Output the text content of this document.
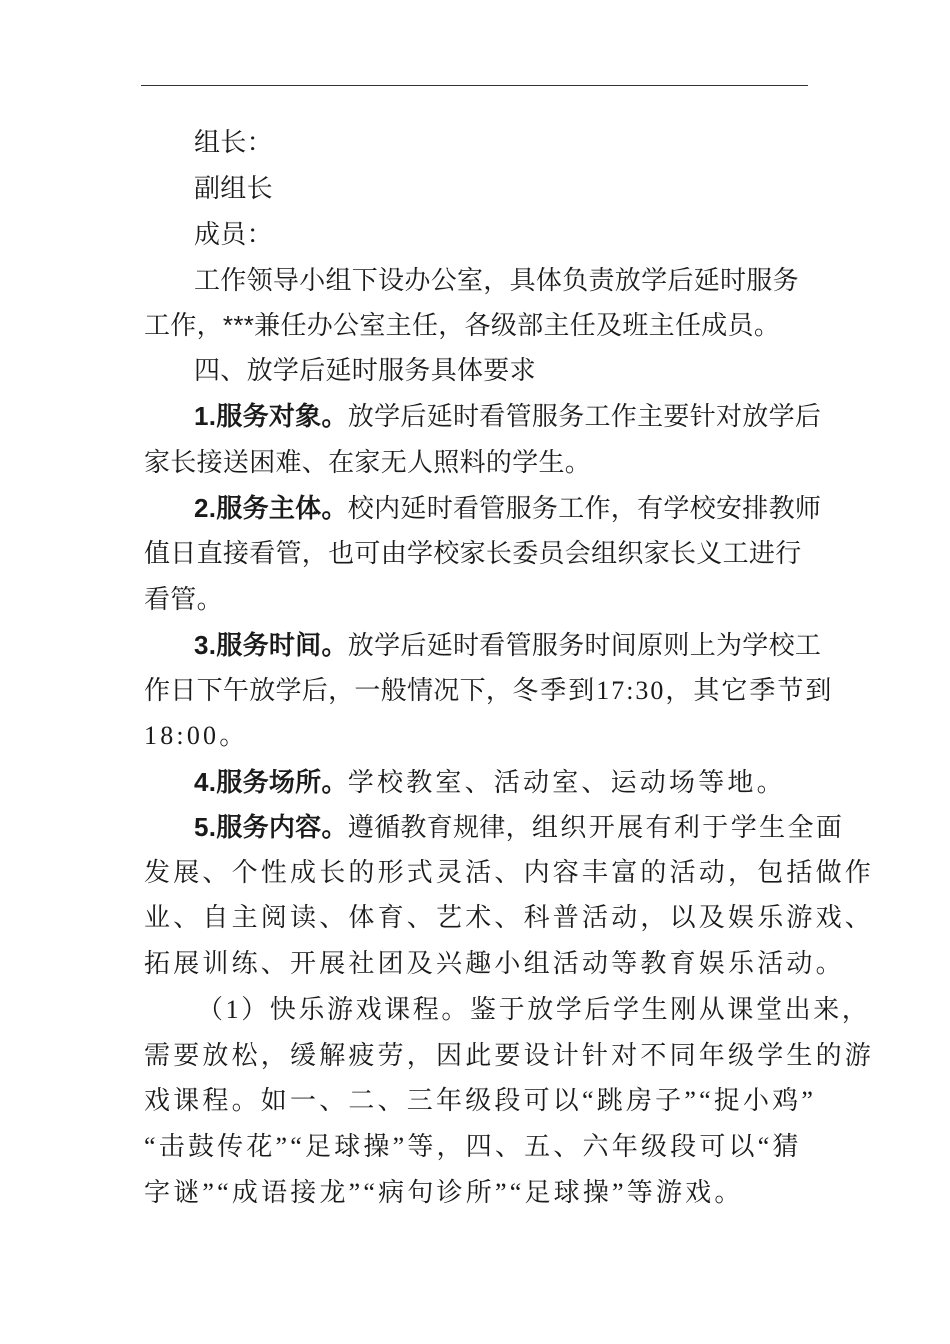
组长：
副组长
成员：
工作领导小组下设办公室，具体负责放学后延时服务
工作，***兼任办公室主任，各级部主任及班主任成员。
四、放学后延时服务具体要求
1.服务对象。放学后延时看管服务工作主要针对放学后
家长接送困难、在家无人照料的学生。
2.服务主体。校内延时看管服务工作，有学校安排教师
值日直接看管，也可由学校家长委员会组织家长义工进行
看管。
3.服务时间。放学后延时看管服务时间原则上为学校工
作日下午放学后，一般情况下，冬季到17:30，其它季节到
18:00。
4.服务场所。学校教室、活动室、运动场等地。
5.服务内容。遵循教育规律，组织开展有利于学生全面
发展、个性成长的形式灵活、内容丰富的活动，包括做作
业、自主阅读、体育、艺术、科普活动，以及娱乐游戏、
拓展训练、开展社团及兴趣小组活动等教育娱乐活动。
（1）快乐游戏课程。鉴于放学后学生刚从课堂出来，
需要放松，缓解疲劳，因此要设计针对不同年级学生的游
戏课程。如一、二、三年级段可以“跳房子”“捉小鸡”
“击鼓传花”“足球操”等，四、五、六年级段可以“猜
字谜”“成语接龙”“病句诊所”“足球操”等游戏。
